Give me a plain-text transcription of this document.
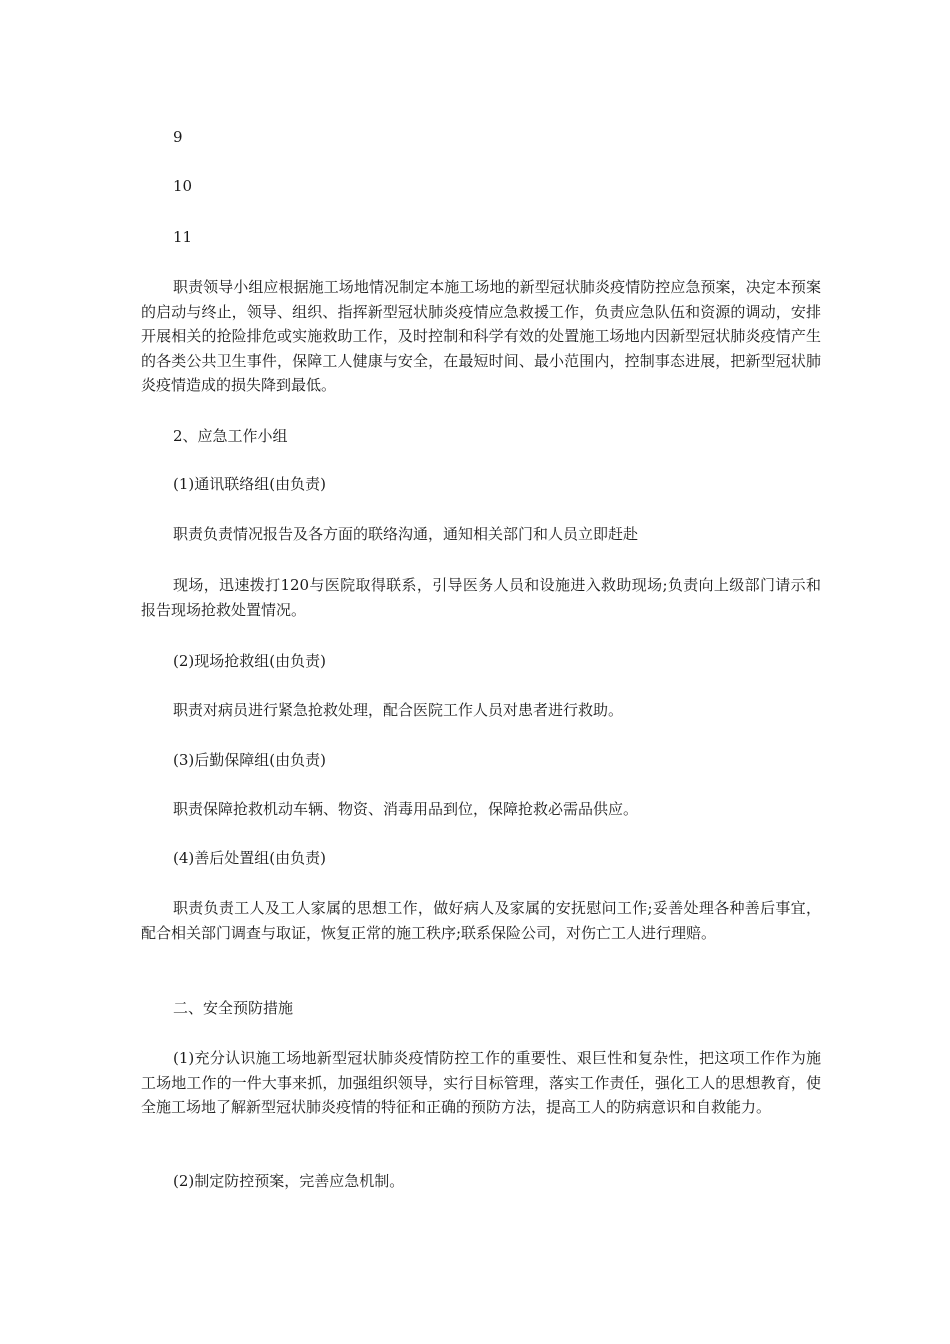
9

10

11

职责领导小组应根据施工场地情况制定本施工场地的新型冠状肺炎疫情防控应急预案，决定本预案的启动与终止，领导、组织、指挥新型冠状肺炎疫情应急救援工作，负责应急队伍和资源的调动，安排开展相关的抢险排危或实施救助工作，及时控制和科学有效的处置施工场地内因新型冠状肺炎疫情产生的各类公共卫生事件，保障工人健康与安全，在最短时间、最小范围内，控制事态进展，把新型冠状肺炎疫情造成的损失降到最低。

2、应急工作小组

(1)通讯联络组(由负责)

职责负责情况报告及各方面的联络沟通，通知相关部门和人员立即赶赴

现场，迅速拨打120与医院取得联系，引导医务人员和设施进入救助现场;负责向上级部门请示和报告现场抢救处置情况。

(2)现场抢救组(由负责)

职责对病员进行紧急抢救处理，配合医院工作人员对患者进行救助。

(3)后勤保障组(由负责)

职责保障抢救机动车辆、物资、消毒用品到位，保障抢救必需品供应。

(4)善后处置组(由负责)

职责负责工人及工人家属的思想工作，做好病人及家属的安抚慰问工作;妥善处理各种善后事宜，配合相关部门调查与取证，恢复正常的施工秩序;联系保险公司，对伤亡工人进行理赔。

二、安全预防措施

(1)充分认识施工场地新型冠状肺炎疫情防控工作的重要性、艰巨性和复杂性，把这项工作作为施工场地工作的一件大事来抓，加强组织领导，实行目标管理，落实工作责任，强化工人的思想教育，使全施工场地了解新型冠状肺炎疫情的特征和正确的预防方法，提高工人的防病意识和自救能力。

(2)制定防控预案，完善应急机制。
